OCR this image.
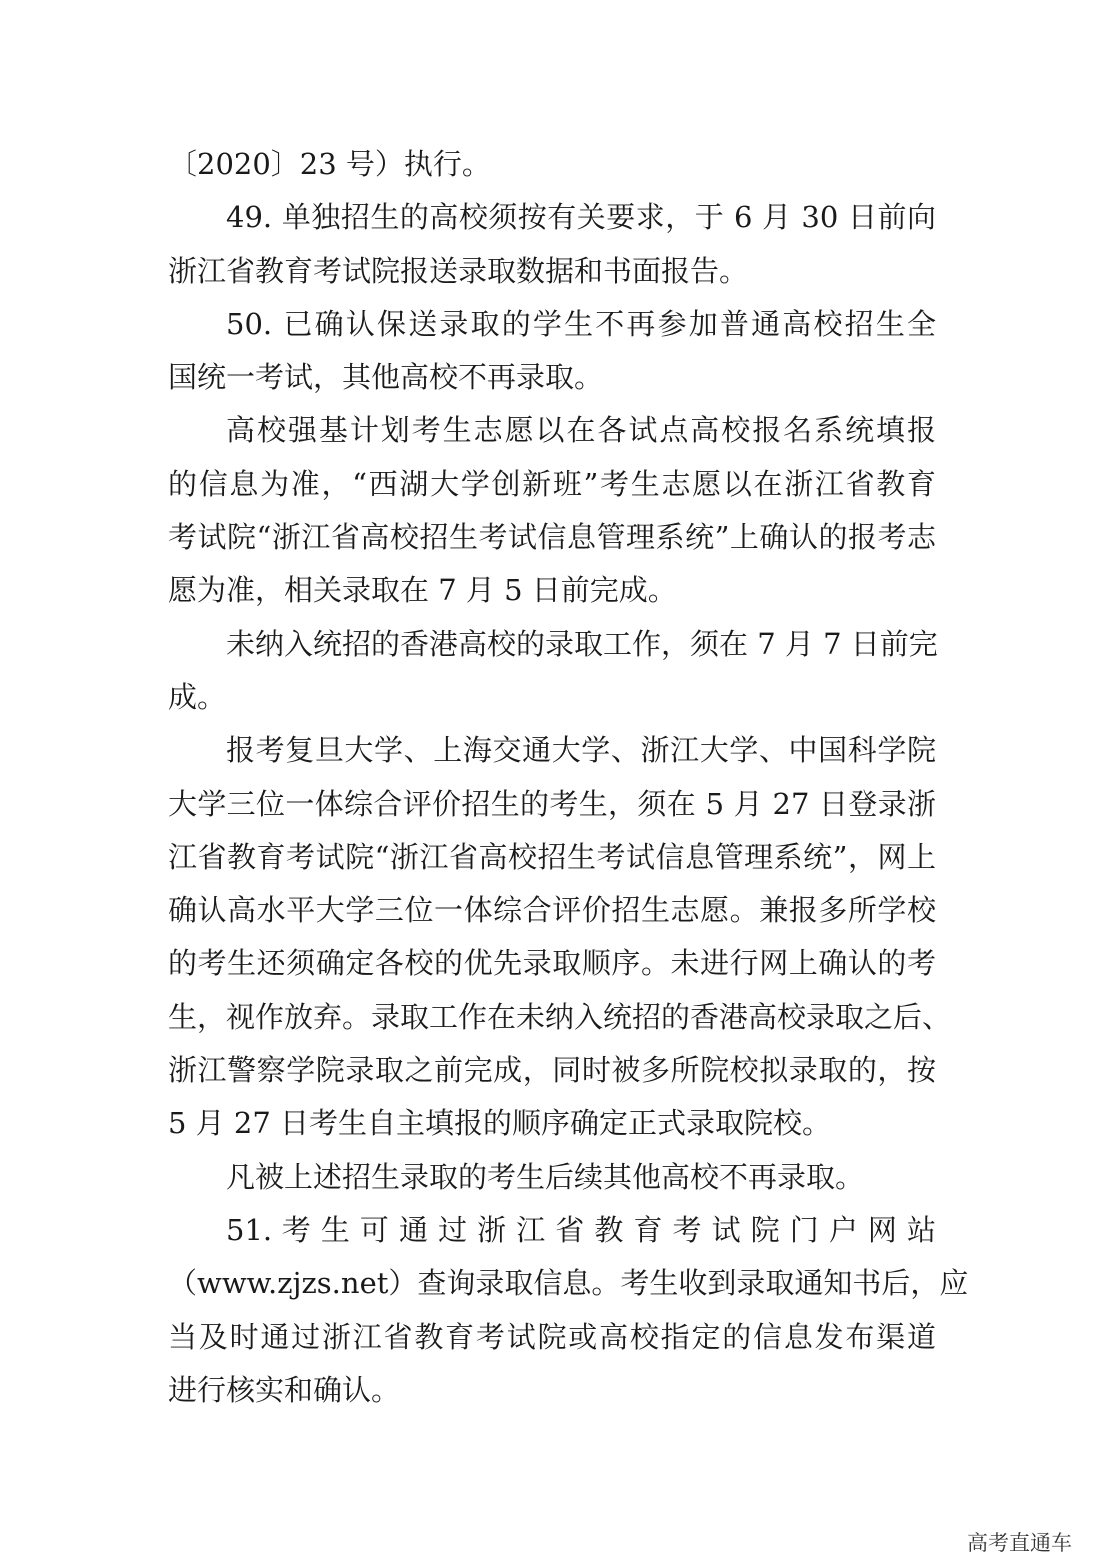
〔2020〕23 号）执行。
49. 单独招生的高校须按有关要求，于 6 月 30 日前向
浙江省教育考试院报送录取数据和书面报告。
50. 已确认保送录取的学生不再参加普通高校招生全
国统一考试，其他高校不再录取。
高校强基计划考生志愿以在各试点高校报名系统填报
的信息为准，“西湖大学创新班”考生志愿以在浙江省教育
考试院“浙江省高校招生考试信息管理系统”上确认的报考志
愿为准，相关录取在 7 月 5 日前完成。
未纳入统招的香港高校的录取工作，须在 7 月 7 日前完
成。
报考复旦大学、上海交通大学、浙江大学、中国科学院
大学三位一体综合评价招生的考生，须在 5 月 27 日登录浙
江省教育考试院“浙江省高校招生考试信息管理系统”，网上
确认高水平大学三位一体综合评价招生志愿。兼报多所学校
的考生还须确定各校的优先录取顺序。未进行网上确认的考
生，视作放弃。录取工作在未纳入统招的香港高校录取之后、
浙江警察学院录取之前完成，同时被多所院校拟录取的，按
5 月 27 日考生自主填报的顺序确定正式录取院校。
凡被上述招生录取的考生后续其他高校不再录取。
51. 考 生 可 通 过 浙 江 省 教 育 考 试 院 门 户 网 站
（www.zjzs.net）查询录取信息。考生收到录取通知书后，应
当及时通过浙江省教育考试院或高校指定的信息发布渠道
进行核实和确认。
高考直通车
